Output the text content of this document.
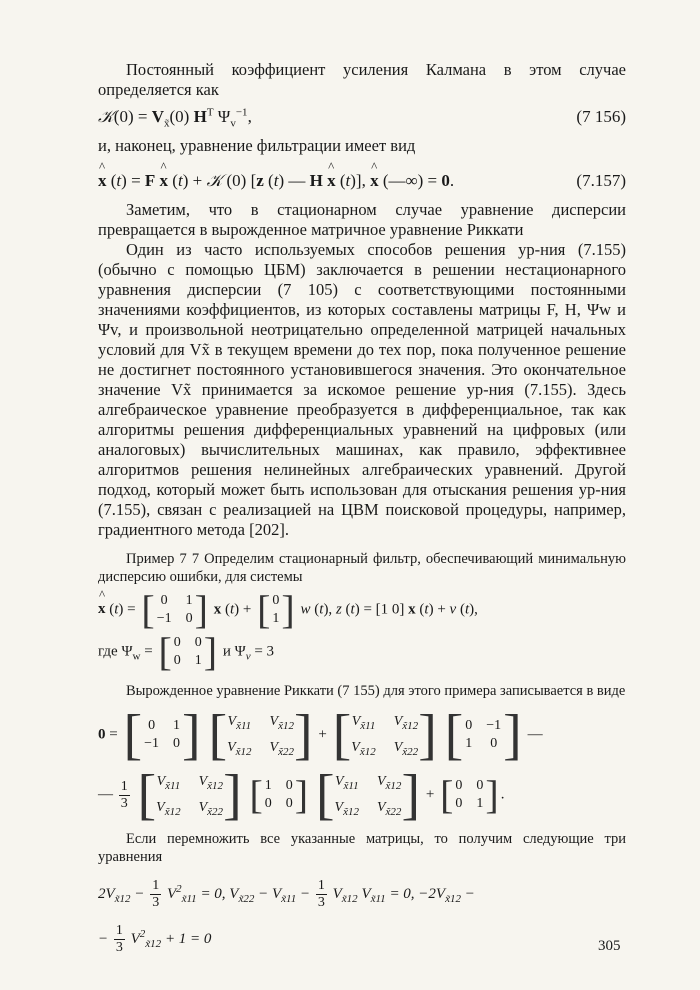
Постоянный коэффициент усиления Калмана в этом случае определяется как

𝒦(0) = $V_{x̃}(0)$ $H^T$ $\Psi_v^{-1}$,	(7 156)

и, наконец, уравнение фильтрации имеет вид

^ x (t) = F ^ x (t) + 𝒦 (0) [z (t) — H ^ x (t)], ^ x (—∞) = 0.	(7.157)

Заметим, что в стационарном случае уравнение дисперсии превращается в вырожденное матричное уравнение Риккати

Один из часто используемых способов решения ур-ния (7.155) (обычно с помощью ЦБМ) заключается в решении нестационарного уравнения дисперсии (7 105) с соответствующими постоянными значениями коэффициентов, из которых составлены матрицы F, H, Ψw и Ψv, и произвольной неотрицательно определенной матрицей начальных условий для Vx̃ в текущем времени до тех пор, пока полученное решение не достигнет постоянного установившегося значения. Это окончательное значение Vx̃ принимается за искомое решение ур-ния (7.155). Здесь алгебраическое уравнение преобразуется в дифференциальное, так как алгоритмы решения дифференциальных уравнений на цифровых (или аналоговых) вычислительных машинах, как правило, эффективнее алгоритмов решения нелинейных алгебраических уравнений. Другой подход, который может быть использован для отыскания решения ур-ния (7.155), связан с реализацией на ЦВМ поисковой процедуры, например, градиентного метода [202].

Пример 7 7 Определим стационарный фильтр, обеспечивающий минимальную дисперсию ошибки, для системы

^ x (t) = [ 0 1
−1 0 ] x (t) + [ 0
1 ] w (t), z (t) = [1 0] x (t) + v (t),
где $\Psi_w$ = [ 0 0
0 1 ] и $\Psi_v = 3$

Вырожденное уравнение Риккати (7 155) для этого примера записывается в виде

0 = [ 0 1
−1 0 ]
[ $V_{x̃11}$ $V_{x̃12}$
$V_{x̃12}$ $V_{x̃22}$ ] + [ $V_{x̃11}$ $V_{x̃12}$
$V_{x̃12}$ $V_{x̃22}$ ]
[ 0 −1
1 0 ] —
— $\frac{1}{3}$
[ $V_{x̃11}$ $V_{x̃12}$
$V_{x̃12}$ $V_{x̃22}$ ]
[ 1 0
0 0 ]
[ $V_{x̃11}$ $V_{x̃12}$
$V_{x̃12}$ $V_{x̃22}$ ] + [ 0 0
0 1 ] .

Если перемножить все указанные матрицы, то получим следующие три уравнения

$2V_{x̃12} - \frac{1}{3} V^2_{x̃11} = 0$, $V_{x̃22} - V_{x̃11} - \frac{1}{3} V_{x̃12}$ $V_{x̃11} = 0$, $-2V_{x̃12}$ −
− $\frac{1}{3} V^2_{x̃12} + 1 = 0$	305
